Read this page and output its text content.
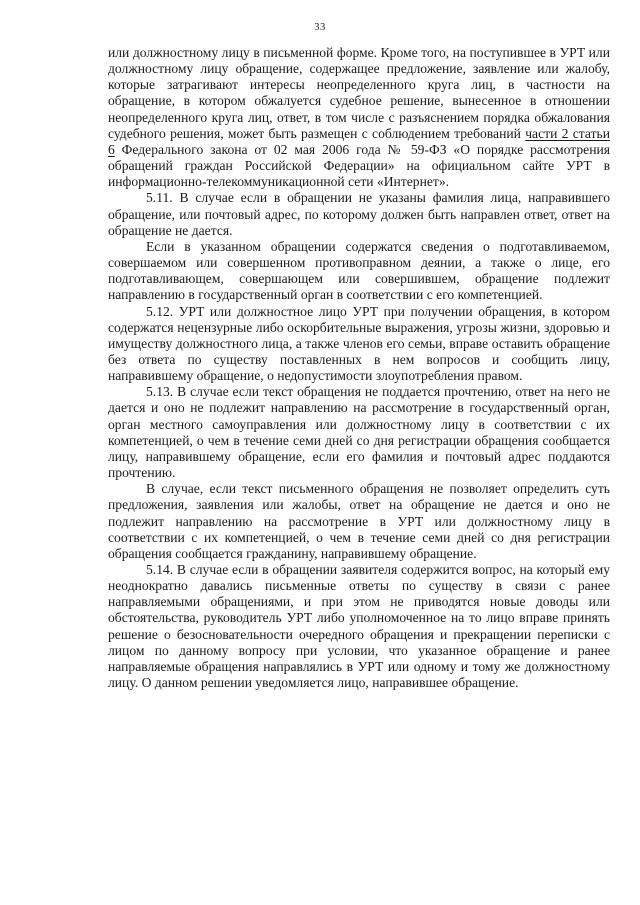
33

или должностному лицу в письменной форме. Кроме того, на поступившее в УРТ или должностному лицу обращение, содержащее предложение, заявление или жалобу, которые затрагивают интересы неопределенного круга лиц, в частности на обращение, в котором обжалуется судебное решение, вынесенное в отношении неопределенного круга лиц, ответ, в том числе с разъяснением порядка обжалования судебного решения, может быть размещен с соблюдением требований части 2 статьи 6 Федерального закона от 02 мая 2006 года № 59-ФЗ «О порядке рассмотрения обращений граждан Российской Федерации» на официальном сайте УРТ в информационно-телекоммуникационной сети «Интернет».

5.11. В случае если в обращении не указаны фамилия лица, направившего обращение, или почтовый адрес, по которому должен быть направлен ответ, ответ на обращение не дается.

Если в указанном обращении содержатся сведения о подготавливаемом, совершаемом или совершенном противоправном деянии, а также о лице, его подготавливающем, совершающем или совершившем, обращение подлежит направлению в государственный орган в соответствии с его компетенцией.

5.12. УРТ или должностное лицо УРТ при получении обращения, в котором содержатся нецензурные либо оскорбительные выражения, угрозы жизни, здоровью и имуществу должностного лица, а также членов его семьи, вправе оставить обращение без ответа по существу поставленных в нем вопросов и сообщить лицу, направившему обращение, о недопустимости злоупотребления правом.

5.13. В случае если текст обращения не поддается прочтению, ответ на него не дается и оно не подлежит направлению на рассмотрение в государственный орган, орган местного самоуправления или должностному лицу в соответствии с их компетенцией, о чем в течение семи дней со дня регистрации обращения сообщается лицу, направившему обращение, если его фамилия и почтовый адрес поддаются прочтению.

В случае, если текст письменного обращения не позволяет определить суть предложения, заявления или жалобы, ответ на обращение не дается и оно не подлежит направлению на рассмотрение в УРТ или должностному лицу в соответствии с их компетенцией, о чем в течение семи дней со дня регистрации обращения сообщается гражданину, направившему обращение.

5.14. В случае если в обращении заявителя содержится вопрос, на который ему неоднократно давались письменные ответы по существу в связи с ранее направляемыми обращениями, и при этом не приводятся новые доводы или обстоятельства, руководитель УРТ либо уполномоченное на то лицо вправе принять решение о безосновательности очередного обращения и прекращении переписки с лицом по данному вопросу при условии, что указанное обращение и ранее направляемые обращения направлялись в УРТ или одному и тому же должностному лицу. О данном решении уведомляется лицо, направившее обращение.
